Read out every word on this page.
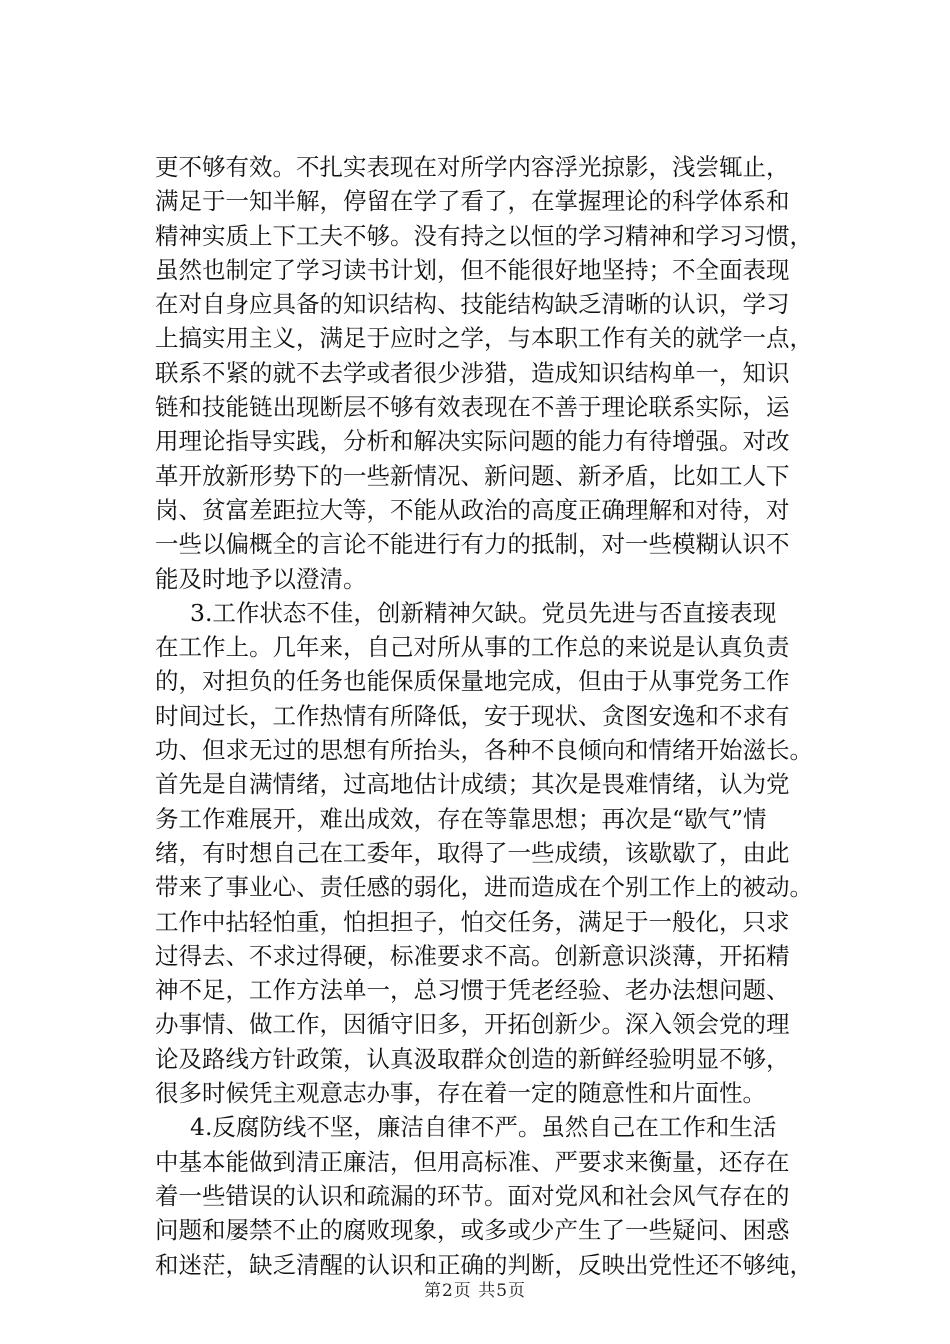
更不够有效。不扎实表现在对所学内容浮光掠影，浅尝辄止，
满足于一知半解，停留在学了看了，在掌握理论的科学体系和
精神实质上下工夫不够。没有持之以恒的学习精神和学习习惯，
虽然也制定了学习读书计划，但不能很好地坚持；不全面表现
在对自身应具备的知识结构、技能结构缺乏清晰的认识，学习
上搞实用主义，满足于应时之学，与本职工作有关的就学一点，
联系不紧的就不去学或者很少涉猎，造成知识结构单一，知识
链和技能链出现断层不够有效表现在不善于理论联系实际，运
用理论指导实践，分析和解决实际问题的能力有待增强。对改
革开放新形势下的一些新情况、新问题、新矛盾，比如工人下
岗、贫富差距拉大等，不能从政治的高度正确理解和对待，对
一些以偏概全的言论不能进行有力的抵制，对一些模糊认识不
能及时地予以澄清。
3.工作状态不佳，创新精神欠缺。党员先进与否直接表现
在工作上。几年来，自己对所从事的工作总的来说是认真负责
的，对担负的任务也能保质保量地完成，但由于从事党务工作
时间过长，工作热情有所降低，安于现状、贪图安逸和不求有
功、但求无过的思想有所抬头，各种不良倾向和情绪开始滋长。
首先是自满情绪，过高地估计成绩；其次是畏难情绪，认为党
务工作难展开，难出成效，存在等靠思想；再次是“歇气”情
绪，有时想自己在工委年，取得了一些成绩，该歇歇了，由此
带来了事业心、责任感的弱化，进而造成在个别工作上的被动。
工作中拈轻怕重，怕担担子，怕交任务，满足于一般化，只求
过得去、不求过得硬，标准要求不高。创新意识淡薄，开拓精
神不足，工作方法单一，总习惯于凭老经验、老办法想问题、
办事情、做工作，因循守旧多，开拓创新少。深入领会党的理
论及路线方针政策，认真汲取群众创造的新鲜经验明显不够，
很多时候凭主观意志办事，存在着一定的随意性和片面性。
4.反腐防线不坚，廉洁自律不严。虽然自己在工作和生活
中基本能做到清正廉洁，但用高标准、严要求来衡量，还存在
着一些错误的认识和疏漏的环节。面对党风和社会风气存在的
问题和屡禁不止的腐败现象，或多或少产生了一些疑问、困惑
和迷茫，缺乏清醒的认识和正确的判断，反映出党性还不够纯，
第2页 共5页
